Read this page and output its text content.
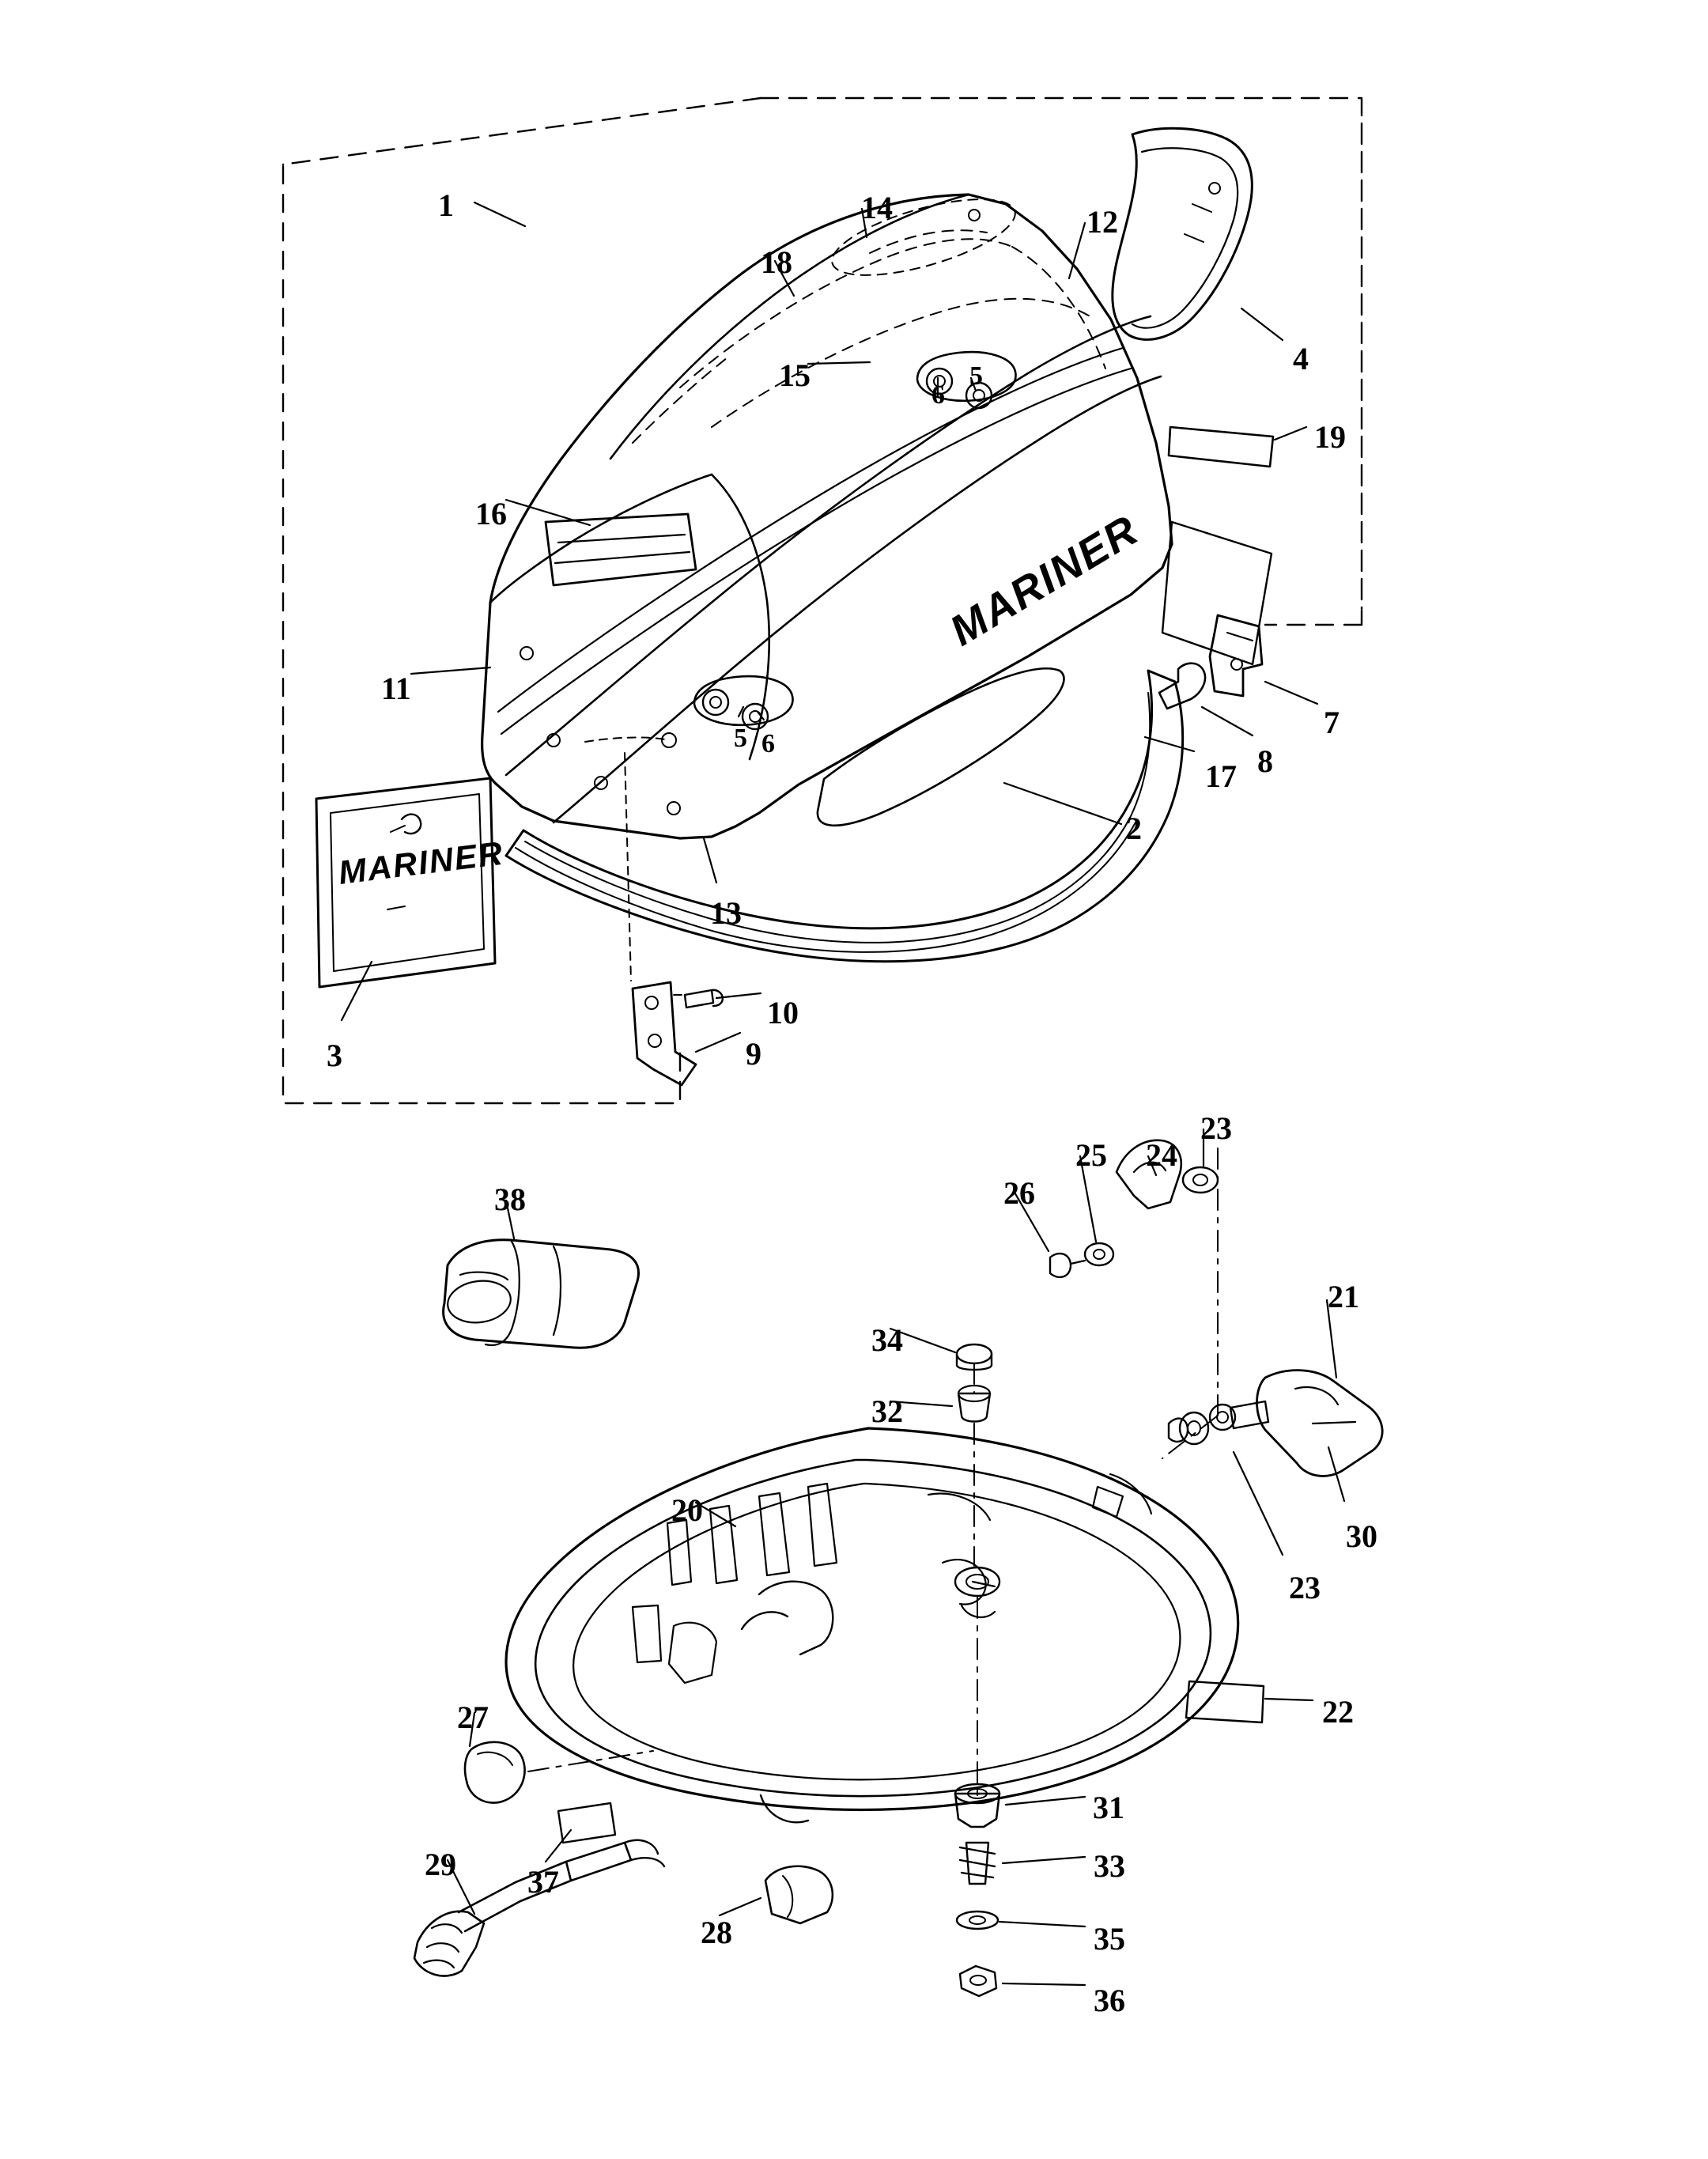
MARINER
MARINER
1
2
3
4
5
6
5 6
7
8
9
10
11
12
13
14
15
16
17
18
19
20
21
22
23
23
24
25
26
27
28
29
30
31
32
33
34
35
36
37
38
